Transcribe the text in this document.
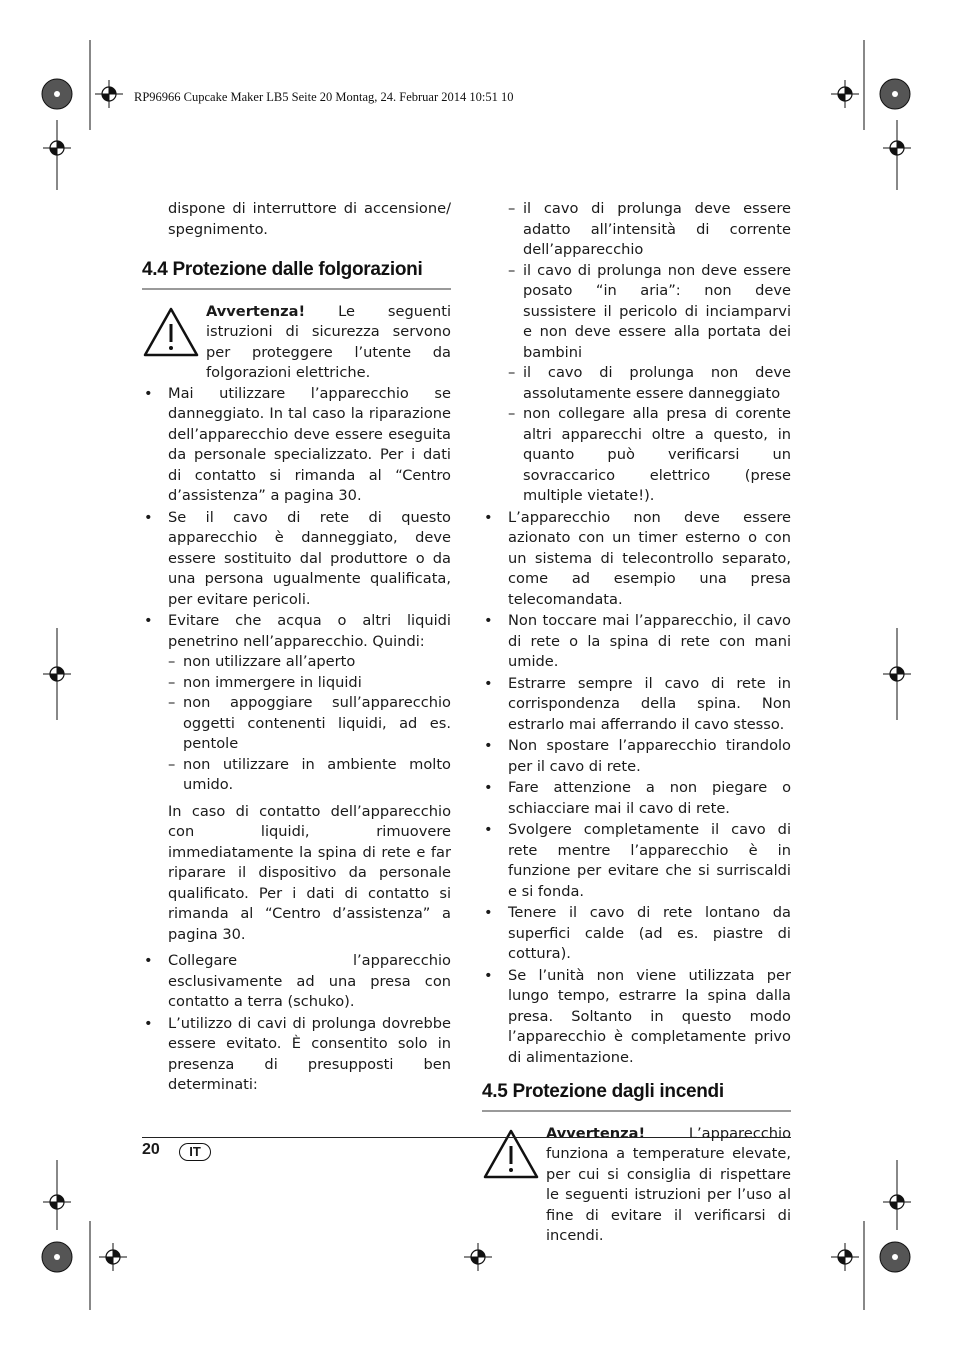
RP96966 Cupcake Maker LB5 Seite 20 Montag, 24. Februar 2014 10:51 10

dispone di interruttore di accensione/

spegnimento.

4.4 Protezione dalle folgorazioni

Avvertenza! Le seguenti istruzioni di sicurezza servono per proteggere l’utente da folgorazioni elettriche.

• Mai utilizzare l’apparecchio se danneggiato. In tal caso la riparazione dell’apparecchio deve essere eseguita da personale specializzato. Per i dati di contatto si rimanda al “Centro d’assistenza” a pagina 30.
• Se il cavo di rete di questo apparecchio è danneggiato, deve essere sostituito dal produttore o da una persona ugualmente qualificata, per evitare pericoli.
• Evitare che acqua o altri liquidi penetrino nell’apparecchio. Quindi:
– non utilizzare all’aperto
– non immergere in liquidi
– non appoggiare sull’apparecchio oggetti contenenti liquidi, ad es. pentole
– non utilizzare in ambiente molto umido.

In caso di contatto dell’apparecchio con liquidi, rimuovere immediatamente la spina di rete e far riparare il dispositivo da personale qualificato. Per i dati di contatto si rimanda al “Centro d’assistenza” a pagina 30.

• Collegare l’apparecchio esclusivamente ad una presa con contatto a terra (schuko).
• L’utilizzo di cavi di prolunga dovrebbe essere evitato. È consentito solo in presenza di presupposti ben determinati:
– il cavo di prolunga deve essere adatto all’intensità di corrente dell’apparecchio
– il cavo di prolunga non deve essere posato “in aria”: non deve sussistere il pericolo di inciamparvi e non deve essere alla portata dei bambini
– il cavo di prolunga non deve assolutamente essere danneggiato
– non collegare alla presa di corente altri apparecchi oltre a questo, in quanto può verificarsi un sovraccarico elettrico (prese multiple vietate!).
• L’apparecchio non deve essere azionato con un timer esterno o con un sistema di telecontrollo separato, come ad esempio una presa telecomandata.
• Non toccare mai l’apparecchio, il cavo di rete o la spina di rete con mani umide.
• Estrarre sempre il cavo di rete in corrispondenza della spina. Non estrarlo mai afferrando il cavo stesso.
• Non spostare l’apparecchio tirandolo per il cavo di rete.
• Fare attenzione a non piegare o schiacciare mai il cavo di rete.
• Svolgere completamente il cavo di rete mentre l’apparecchio è in funzione per evitare che si surriscaldi e si fonda.
• Tenere il cavo di rete lontano da superfici calde (ad es. piastre di cottura).
• Se l’unità non viene utilizzata per lungo tempo, estrarre la spina dalla presa. Soltanto in questo modo l’apparecchio è completamente privo di alimentazione.
4.5 Protezione dagli incendi

Avvertenza!	L’apparecchio funziona a temperature elevate, per cui si consiglia di rispettare le seguenti istruzioni per l’uso al fine di evitare il verificarsi di incendi.

20	IT
